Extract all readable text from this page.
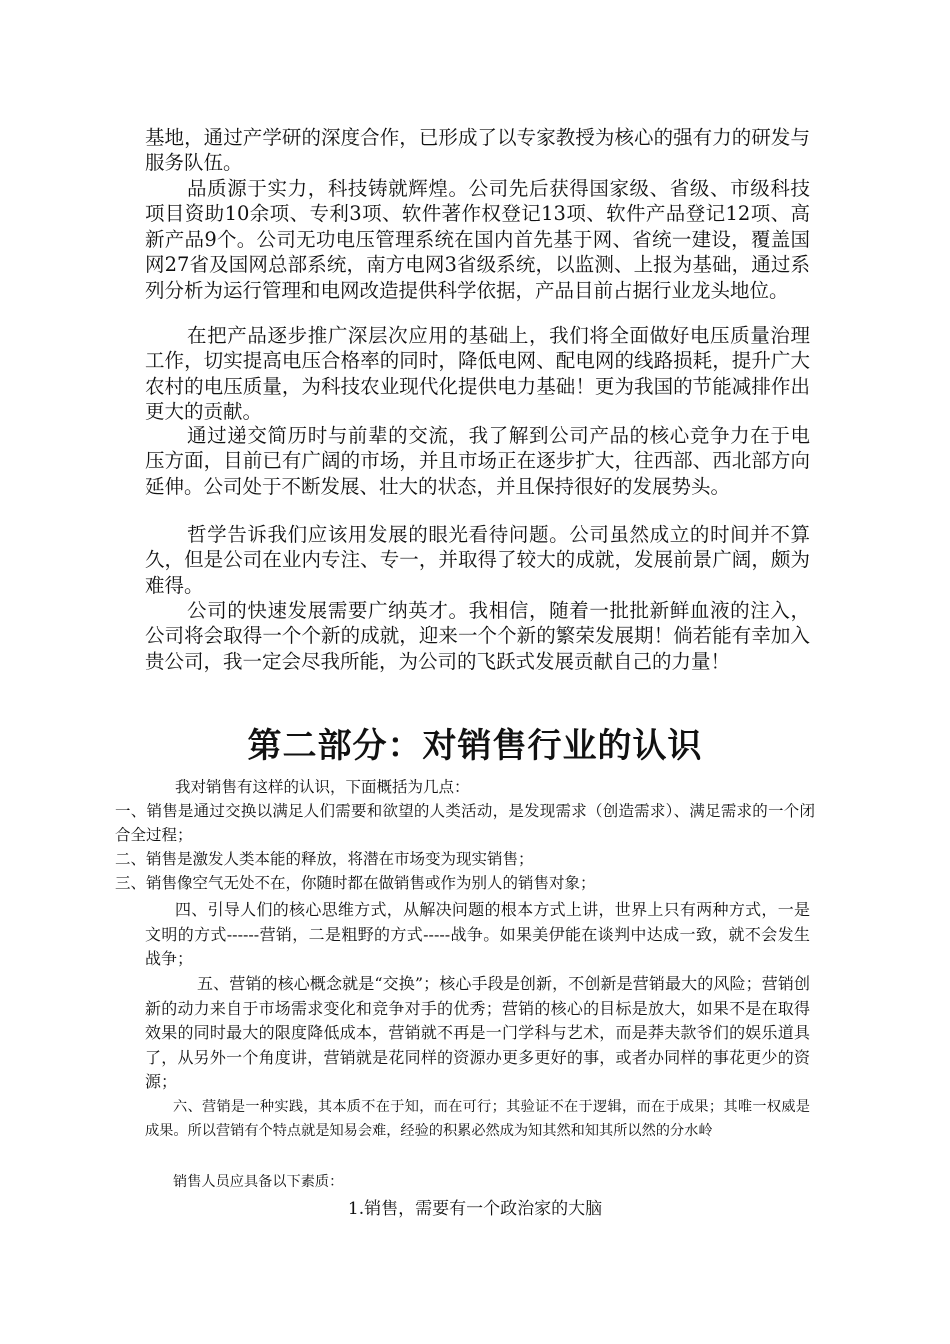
基地，通过产学研的深度合作，已形成了以专家教授为核心的强有力的研发与服务队伍。

品质源于实力，科技铸就辉煌。公司先后获得国家级、省级、市级科技项目资助10余项、专利3项、软件著作权登记13项、软件产品登记12项、高新产品9个。公司无功电压管理系统在国内首先基于网、省统一建设，覆盖国网27省及国网总部系统，南方电网3省级系统，以监测、上报为基础，通过系列分析为运行管理和电网改造提供科学依据，产品目前占据行业龙头地位。

在把产品逐步推广深层次应用的基础上，我们将全面做好电压质量治理工作，切实提高电压合格率的同时，降低电网、配电网的线路损耗，提升广大农村的电压质量，为科技农业现代化提供电力基础！更为我国的节能减排作出更大的贡献。

通过递交简历时与前辈的交流，我了解到公司产品的核心竞争力在于电压方面，目前已有广阔的市场，并且市场正在逐步扩大，往西部、西北部方向延伸。公司处于不断发展、壮大的状态，并且保持很好的发展势头。

哲学告诉我们应该用发展的眼光看待问题。公司虽然成立的时间并不算久，但是公司在业内专注、专一，并取得了较大的成就，发展前景广阔，颇为难得。

公司的快速发展需要广纳英才。我相信，随着一批批新鲜血液的注入，公司将会取得一个个新的成就，迎来一个个新的繁荣发展期！倘若能有幸加入贵公司，我一定会尽我所能，为公司的飞跃式发展贡献自己的力量！

第二部分：对销售行业的认识

我对销售有这样的认识，下面概括为几点：

一、销售是通过交换以满足人们需要和欲望的人类活动，是发现需求（创造需求）、满足需求的一个闭合全过程；

二、销售是激发人类本能的释放，将潜在市场变为现实销售；

三、销售像空气无处不在，你随时都在做销售或作为别人的销售对象；

四、引导人们的核心思维方式，从解决问题的根本方式上讲，世界上只有两种方式，一是文明的方式------营销，二是粗野的方式-----战争。如果美伊能在谈判中达成一致，就不会发生战争；

五、营销的核心概念就是“交换”；核心手段是创新，不创新是营销最大的风险；营销创新的动力来自于市场需求变化和竞争对手的优秀；营销的核心的目标是放大，如果不是在取得效果的同时最大的限度降低成本，营销就不再是一门学科与艺术，而是莽夫款爷们的娱乐道具了，从另外一个角度讲，营销就是花同样的资源办更多更好的事，或者办同样的事花更少的资源；

六、营销是一种实践，其本质不在于知，而在可行；其验证不在于逻辑，而在于成果；其唯一权威是成果。所以营销有个特点就是知易会难，经验的积累必然成为知其然和知其所以然的分水岭

销售人员应具备以下素质：

1.销售，需要有一个政治家的大脑
